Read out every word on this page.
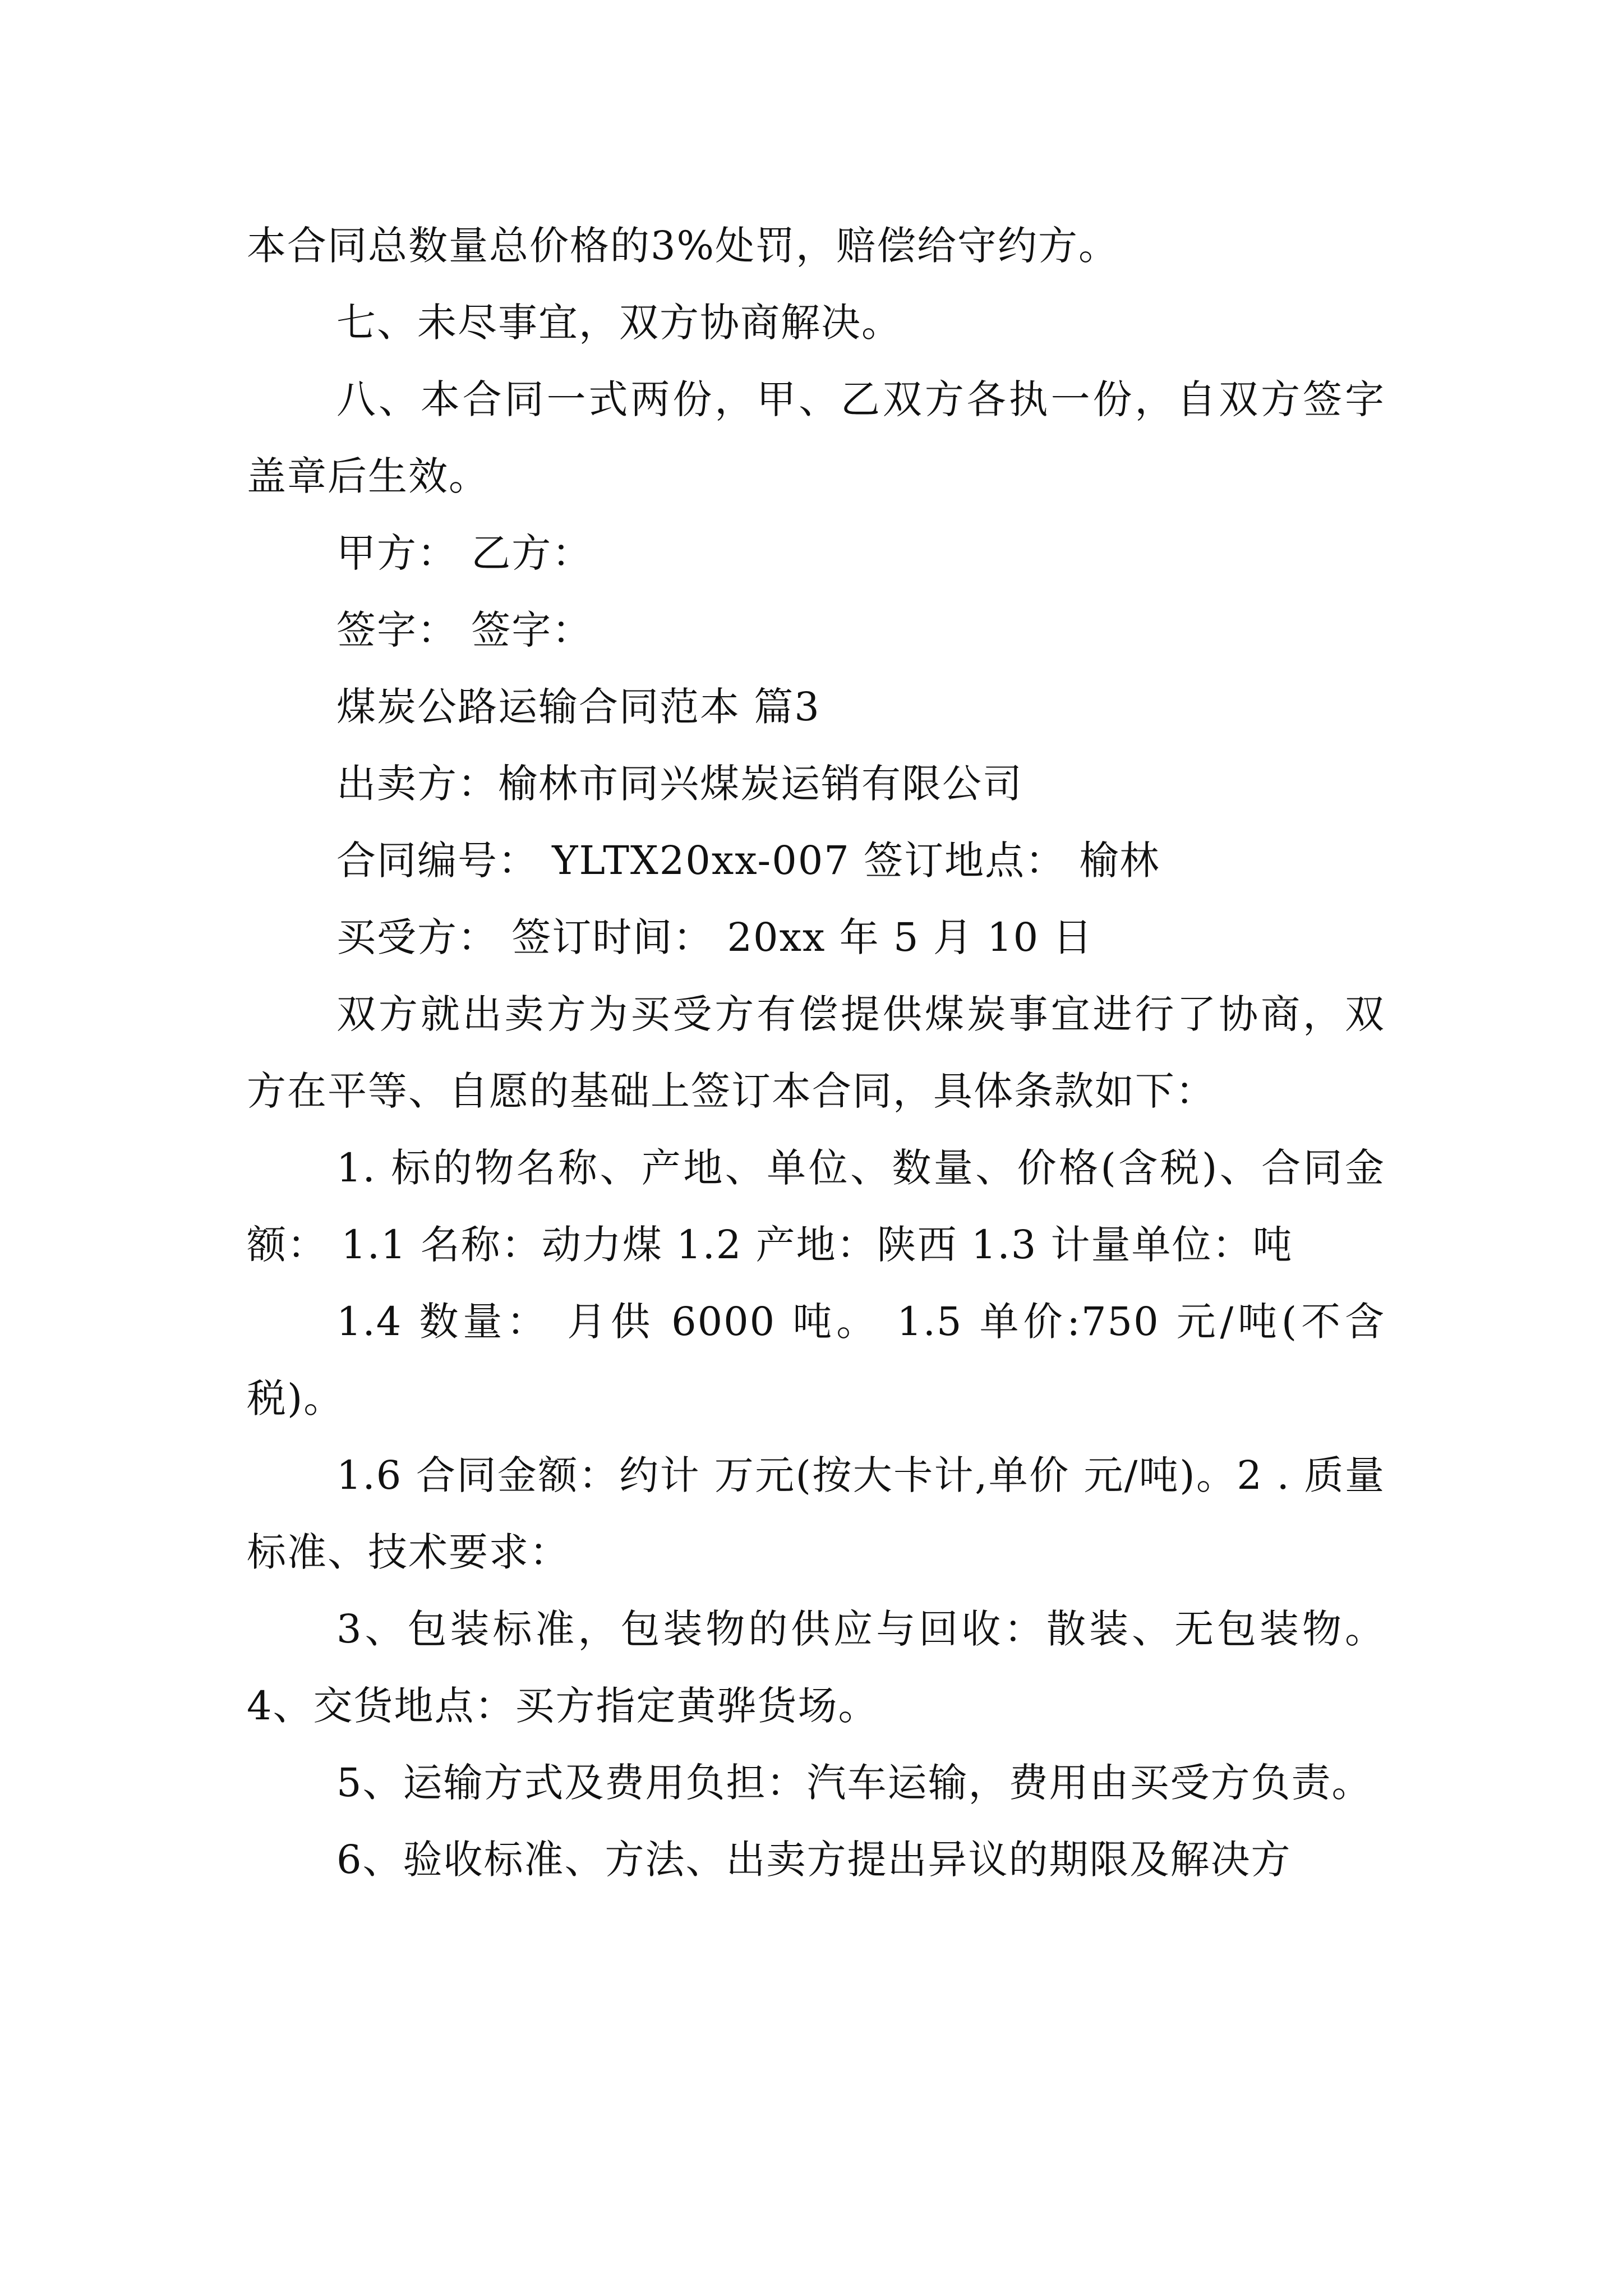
本合同总数量总价格的3%处罚，赔偿给守约方。

七、未尽事宜，双方协商解决。

八、本合同一式两份，甲、乙双方各执一份，自双方签字盖章后生效。

甲方： 乙方：

签字： 签字：

煤炭公路运输合同范本 篇3

出卖方：榆林市同兴煤炭运销有限公司

合同编号： YLTX20xx-007 签订地点： 榆林

买受方： 签订时间： 20xx 年 5 月 10 日

双方就出卖方为买受方有偿提供煤炭事宜进行了协商，双方在平等、自愿的基础上签订本合同，具体条款如下：

1. 标的物名称、产地、单位、数量、价格(含税)、合同金额： 1.1 名称：动力煤 1.2 产地：陕西 1.3 计量单位：吨

1.4 数量： 月供 6000 吨。 1.5 单价:750 元/吨(不含税)。

1.6 合同金额：约计 万元(按大卡计,单价 元/吨)。2 . 质量标准、技术要求：

3、包装标准，包装物的供应与回收：散装、无包装物。4、交货地点：买方指定黄骅货场。

5、运输方式及费用负担：汽车运输，费用由买受方负责。

6、验收标准、方法、出卖方提出异议的期限及解决方
